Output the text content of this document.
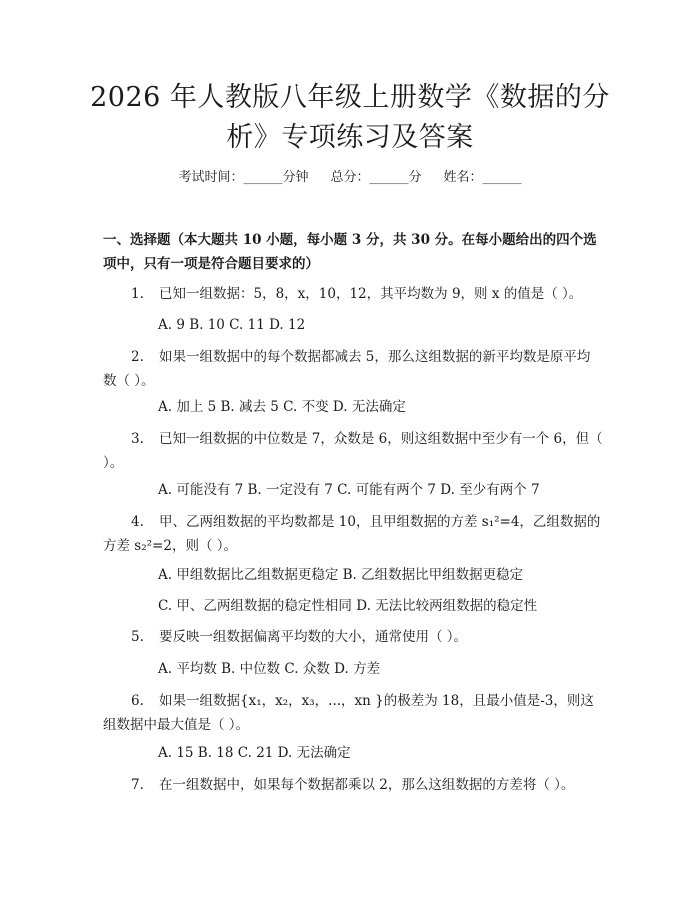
2026 年人教版八年级上册数学《数据的分
析》专项练习及答案
考试时间：______分钟 总分：______分 姓名：______

一、选择题（本大题共 10 小题，每小题 3 分，共 30 分。在每小题给出的四个选项中，只有一项是符合题目要求的）

1. 已知一组数据：5，8，x，10，12，其平均数为 9，则 x 的值是（ ）。

A. 9 B. 10 C. 11 D. 12

2. 如果一组数据中的每个数据都减去 5，那么这组数据的新平均数是原平均数（ ）。

A. 加上 5 B. 减去 5 C. 不变 D. 无法确定

3. 已知一组数据的中位数是 7，众数是 6，则这组数据中至少有一个 6，但（ ）。

A. 可能没有 7 B. 一定没有 7 C. 可能有两个 7 D. 至少有两个 7

4. 甲、乙两组数据的平均数都是 10，且甲组数据的方差 s₁²=4，乙组数据的方差 s₂²=2，则（ ）。

A. 甲组数据比乙组数据更稳定 B. 乙组数据比甲组数据更稳定

C. 甲、乙两组数据的稳定性相同 D. 无法比较两组数据的稳定性

5. 要反映一组数据偏离平均数的大小，通常使用（ ）。

A. 平均数 B. 中位数 C. 众数 D. 方差

6. 如果一组数据{x₁，x₂，x₃，...，xn }的极差为 18，且最小值是-3，则这组数据中最大值是（ ）。

A. 15 B. 18 C. 21 D. 无法确定

7. 在一组数据中，如果每个数据都乘以 2，那么这组数据的方差将（ ）。
